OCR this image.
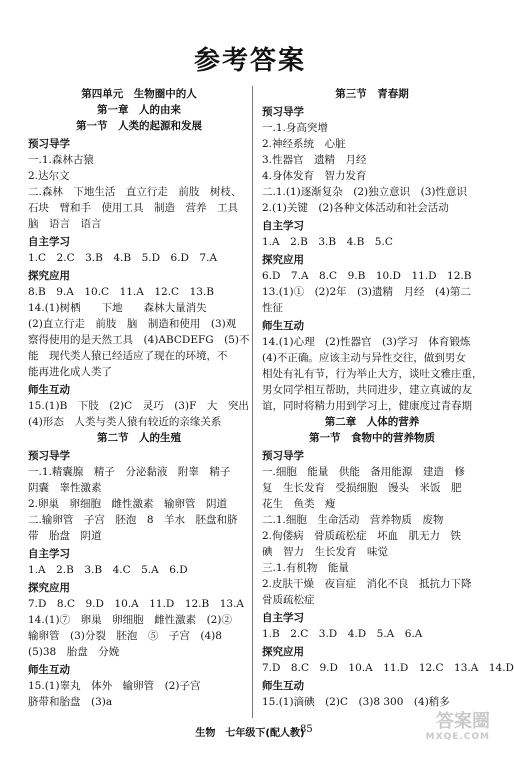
参考答案
第四单元　生物圈中的人
第一章　人的由来
第一节　人类的起源和发展
预习导学
一.1.森林古猿
2.达尔文
二.森林　下地生活　直立行走　前肢　树枝、
石块　臂和手　使用工具　制造　营养　工具
脑　语言　语言
自主学习
1.C　2.C　3.B　4.B　5.D　6.D　7.A
探究应用
8.B　9.A　10.C　11.A　12.C　13.B
14.(1)树栖　　下地　　森林大量消失
(2)直立行走　前肢　脑　制造和使用　(3)观
察得使用的是天然工具　(4)ABCDEFG　(5)不
能　现代类人猿已经适应了现在的环境，不
能再进化成人类了
师生互动
15.(1)B　下肢　(2)C　灵巧　(3)F　大　突出
(4)形态　人类与类人猿有较近的亲缘关系
第二节　人的生殖
预习导学
一.1.精囊腺　精子　分泌黏液　附睾　精子
阴囊　睾性激素
2.卵巢　卵细胞　雌性激素　输卵管　阴道
二.输卵管　子宫　胚泡　8　羊水　胚盘和脐
带　胎盘　阴道
自主学习
1.A　2.B　3.B　4.C　5.A　6.D
探究应用
7.D　8.C　9.D　10.A　11.D　12.B　13.A
14.(1)⑦　卵巢　卵细胞　雌性激素　(2)②
输卵管　(3)分裂　胚泡　⑤　子宫　(4)8
(5)38　胎盘　分娩
师生互动
15.(1)睾丸　体外　输卵管　(2)子宫
脐带和胎盘　(3)a
第三节　青春期
预习导学
一.1.身高突增
2.神经系统　心脏
3.性器官　遗精　月经
4.身体发育　智力发育
二.1.(1)逐渐复杂　(2)独立意识　(3)性意识
2.(1)关键　(2)各种文体活动和社会活动
自主学习
1.A　2.B　3.B　4.B　5.C
探究应用
6.D　7.A　8.C　9.B　10.D　11.D　12.B
13.(1)①　(2)2年　(3)遗精　月经　(4)第二
性征
师生互动
14.(1)心理　(2)性器官　(3)学习　体育锻炼
(4)不正确。应该主动与异性交往，做到男女
相处有礼有节，行为举止大方，谈吐文雅庄重，
男女同学相互帮助，共同进步，建立真诚的友
谊，同时将精力用到学习上，健康度过青春期
第二章　人体的营养
第一节　食物中的营养物质
预习导学
一.细胞　能量　供能　备用能源　建造　修
复　生长发育　受损细胞　馒头　米饭　肥
花生　鱼类　瘦
二.1.细胞　生命活动　营养物质　废物
2.佝偻病　骨质疏松症　坏血　肌无力　铁
碘　智力　生长发育　味觉
三.1.有机物　能量
2.皮肤干燥　夜盲症　消化不良　抵抗力下降
骨质疏松症
自主学习
1.B　2.C　3.D　4.D　5.A　6.A
探究应用
7.D　8.C　9.D　10.A　11.D　12.C　13.A　14.D
师生互动
15.(1)滴碘　(2)C　(3)8 300　(4)稍多
生物　七年级下(配人教)
85	答案圈
MXQE.COM
